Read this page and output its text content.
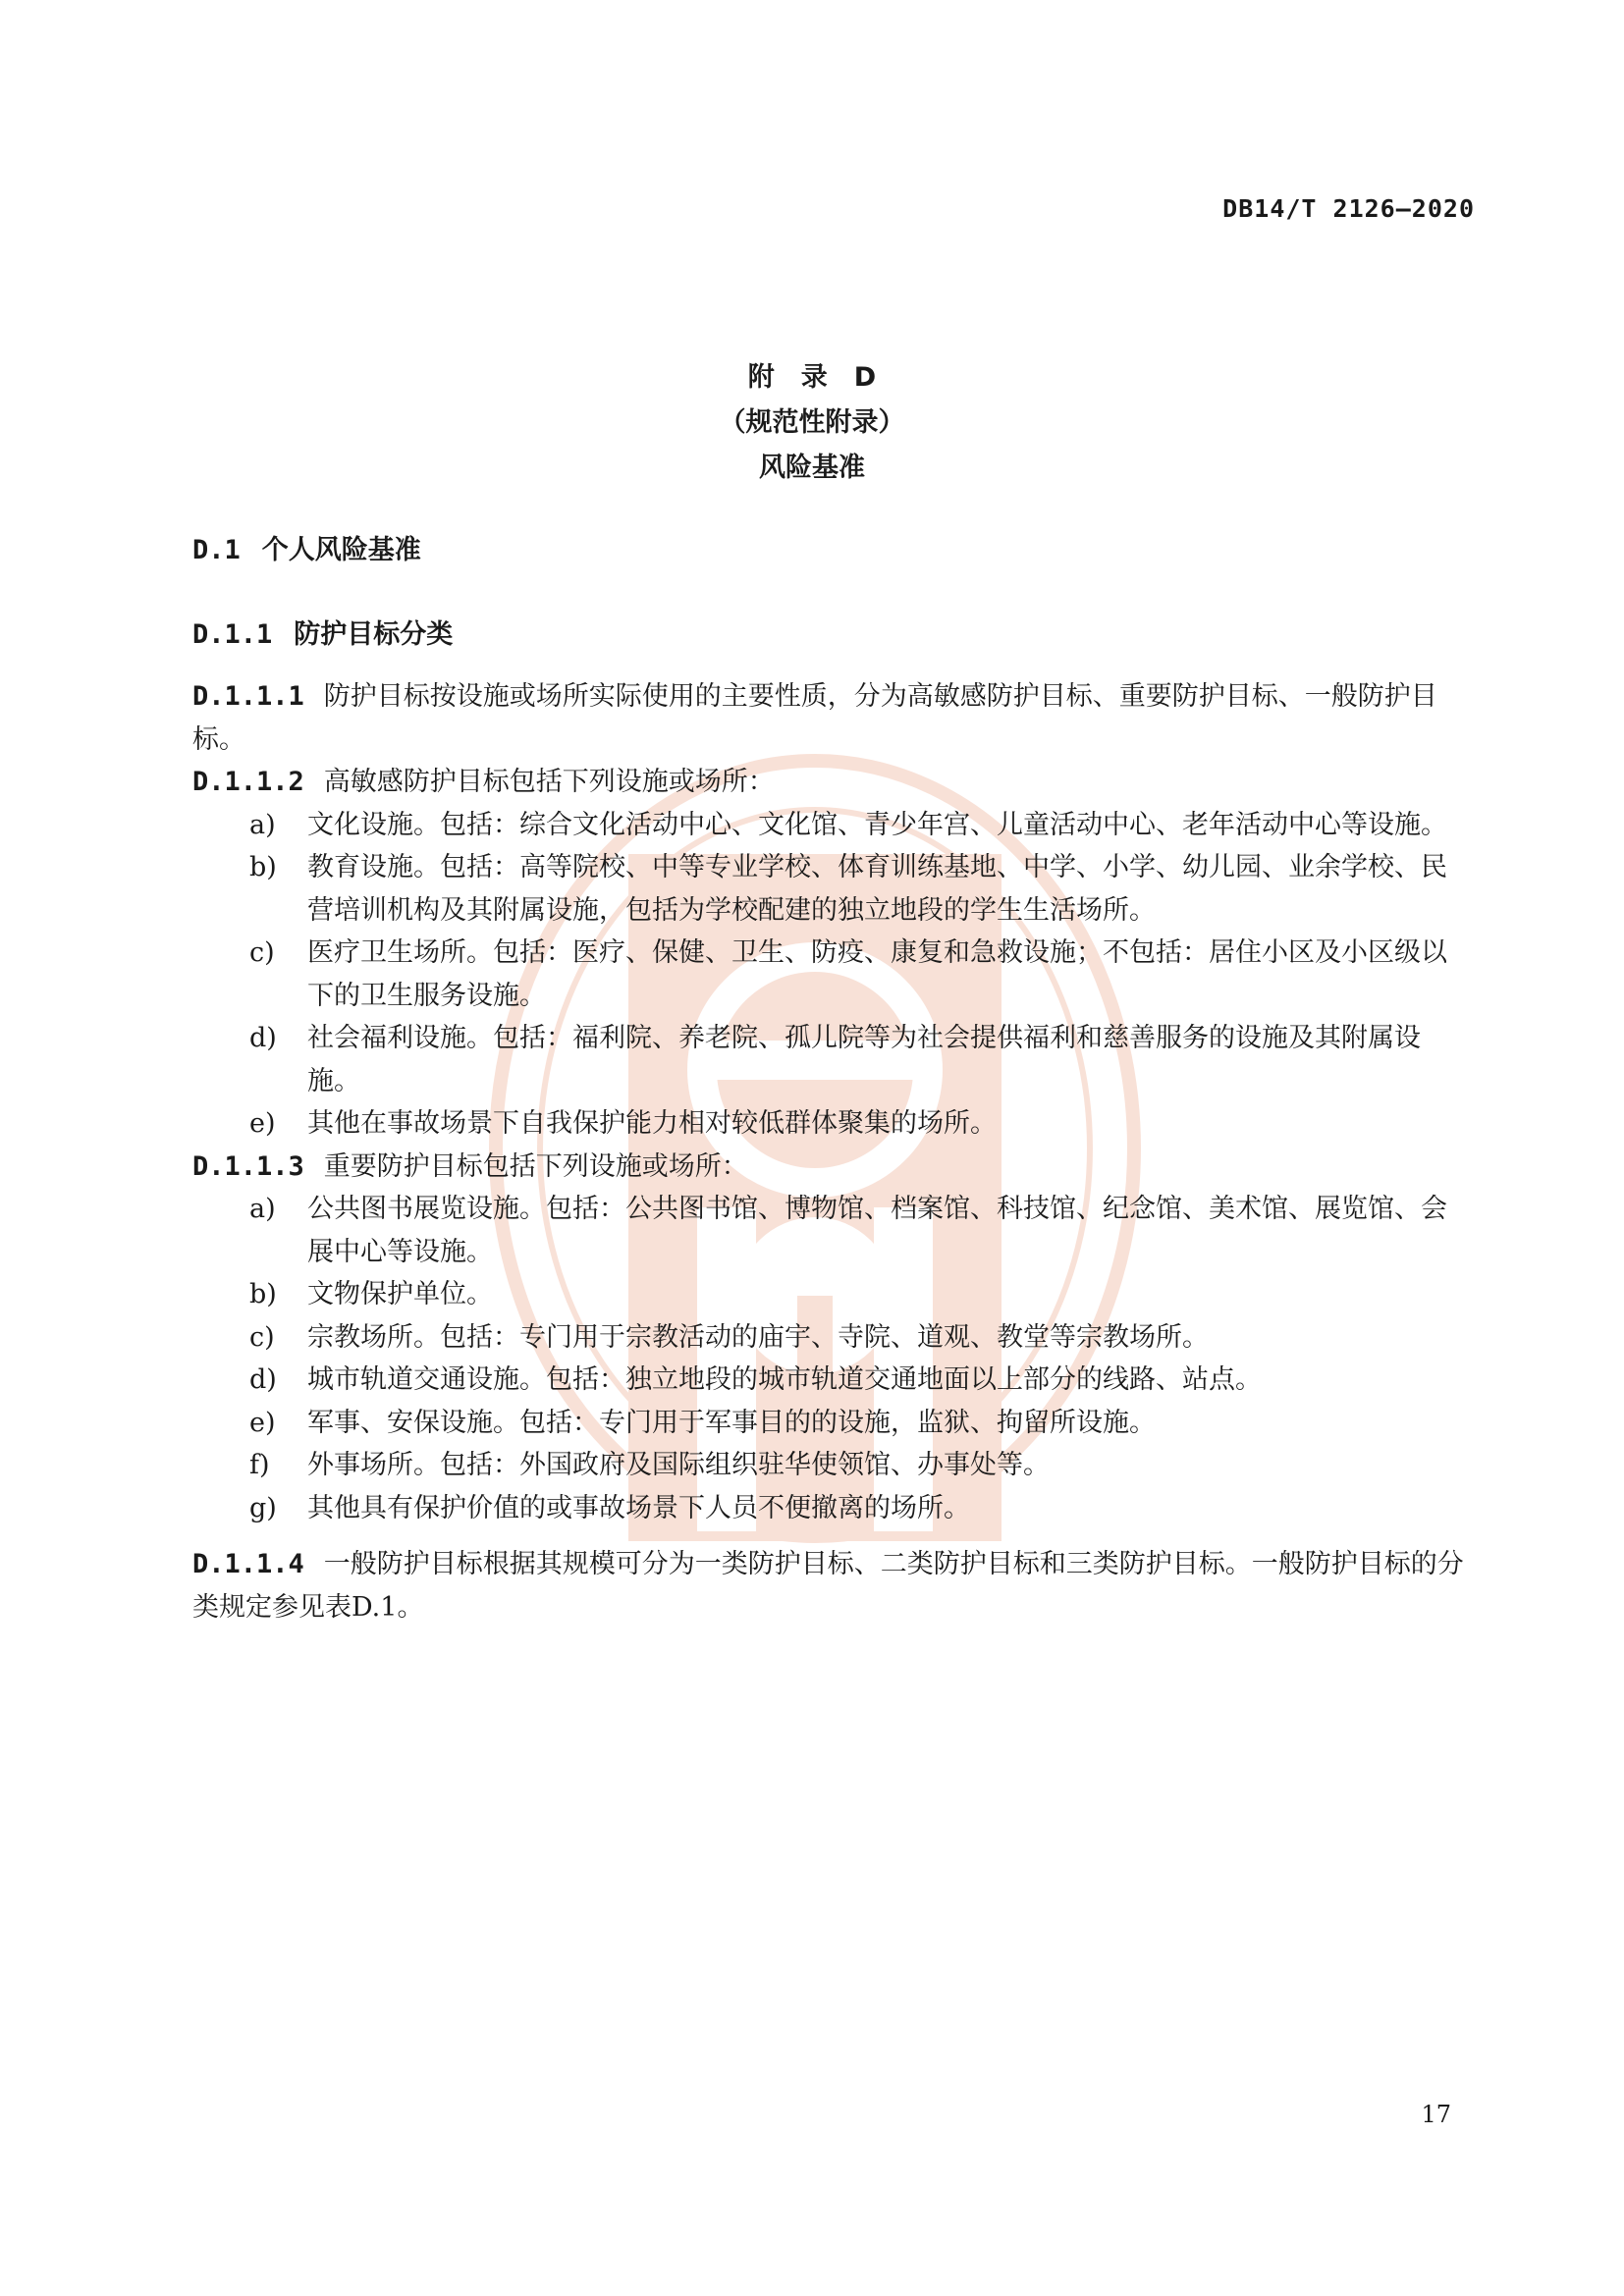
DB14/T 2126—2020
附　录　D
（规范性附录）
风险基准
D.1 个人风险基准
D.1.1 防护目标分类

D.1.1.1 防护目标按设施或场所实际使用的主要性质，分为高敏感防护目标、重要防护目标、一般防护目标。

D.1.1.2 高敏感防护目标包括下列设施或场所：

a) 文化设施。包括：综合文化活动中心、文化馆、青少年宫、儿童活动中心、老年活动中心等设施。
b) 教育设施。包括：高等院校、中等专业学校、体育训练基地、中学、小学、幼儿园、业余学校、民营培训机构及其附属设施，包括为学校配建的独立地段的学生生活场所。
c) 医疗卫生场所。包括：医疗、保健、卫生、防疫、康复和急救设施；不包括：居住小区及小区级以下的卫生服务设施。
d) 社会福利设施。包括：福利院、养老院、孤儿院等为社会提供福利和慈善服务的设施及其附属设施。
e) 其他在事故场景下自我保护能力相对较低群体聚集的场所。

D.1.1.3 重要防护目标包括下列设施或场所：

a) 公共图书展览设施。包括：公共图书馆、博物馆、档案馆、科技馆、纪念馆、美术馆、展览馆、会展中心等设施。
b) 文物保护单位。
c) 宗教场所。包括：专门用于宗教活动的庙宇、寺院、道观、教堂等宗教场所。
d) 城市轨道交通设施。包括：独立地段的城市轨道交通地面以上部分的线路、站点。
e) 军事、安保设施。包括：专门用于军事目的的设施，监狱、拘留所设施。
f) 外事场所。包括：外国政府及国际组织驻华使领馆、办事处等。
g) 其他具有保护价值的或事故场景下人员不便撤离的场所。

D.1.1.4 一般防护目标根据其规模可分为一类防护目标、二类防护目标和三类防护目标。一般防护目标的分类规定参见表D.1。

17
